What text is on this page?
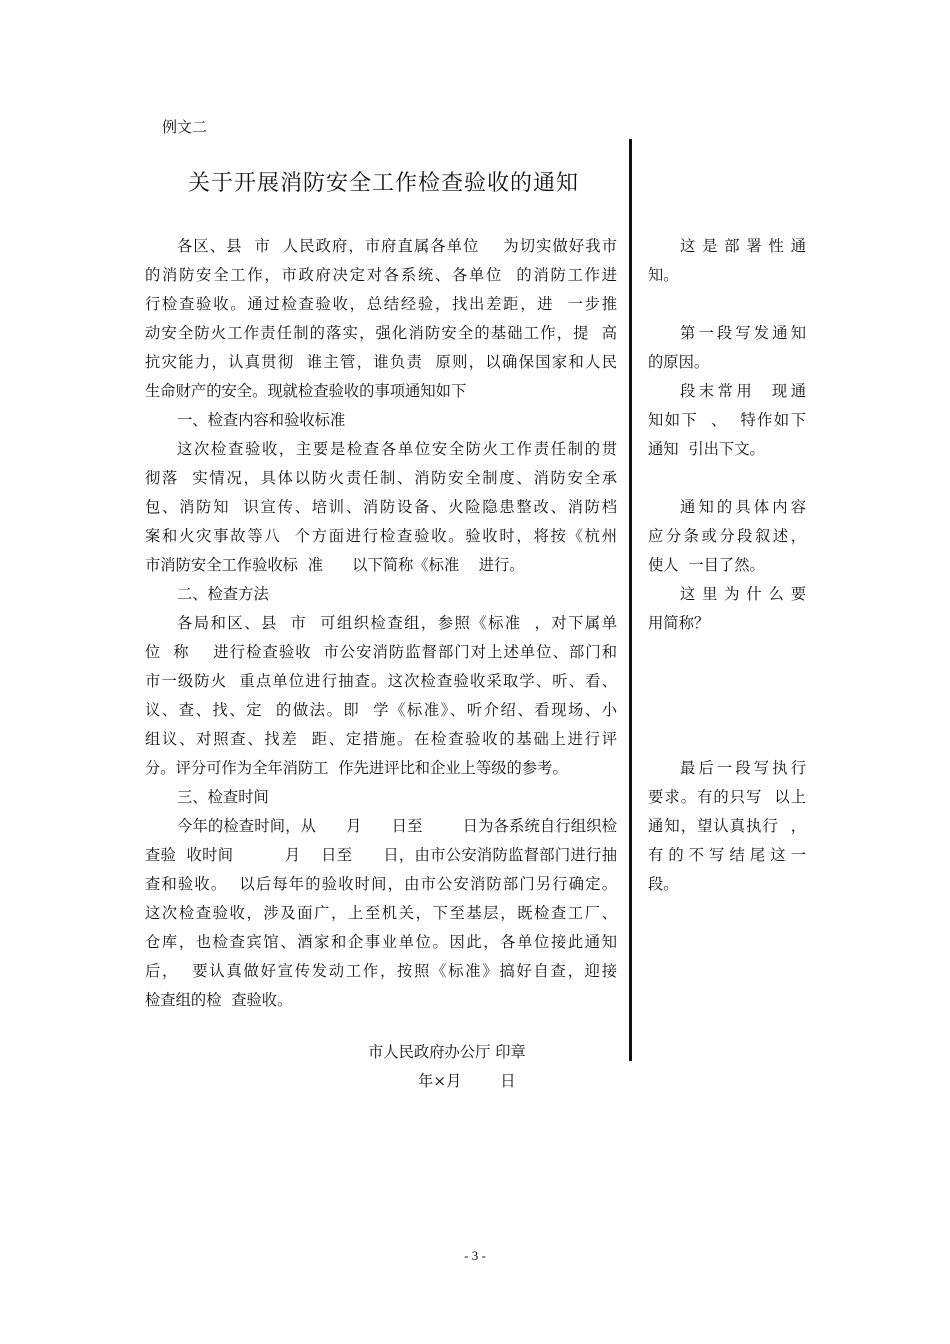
例文二
关于开展消防安全工作检查验收的通知
各区、县  市  人民政府，市府直属各单位    为切实做好我市
的消防安全工作，市政府决定对各系统、各单位  的消防工作进
行检查验收。通过检查验收，总结经验，找出差距，进  一步推
动安全防火工作责任制的落实，强化消防安全的基础工作，提  高
抗灾能力，认真贯彻  谁主管，谁负责  原则，以确保国家和人民
生命财产的安全。现就检查验收的事项通知如下
一、检查内容和验收标准
这次检查验收，主要是检查各单位安全防火工作责任制的贯
彻落  实情况，具体以防火责任制、消防安全制度、消防安全承
包、消防知  识宣传、培训、消防设备、火险隐患整改、消防档
案和火灾事故等八  个方面进行检查验收。验收时，将按《杭州
市消防安全工作验收标  准      以下简称《标准    进行。
二、检查方法
各局和区、县  市  可组织检查组，参照《标准  ，对下属单
位  称    进行检查验收  市公安消防监督部门对上述单位、部门和
市一级防火  重点单位进行抽查。这次检查验收采取学、听、看、
议、查、找、定  的做法。即  学《标准》、听介绍、看现场、小
组议、对照查、找差  距、定措施。在检查验收的基础上进行评
分。评分可作为全年消防工  作先进评比和企业上等级的参考。
三、检查时间
今年的检查时间，从      月      日至        日为各系统自行组织检
查验  收时间          月    日至      日，由市公安消防监督部门进行抽
查和验收。  以后每年的验收时间，由市公安消防部门另行确定。
这次检查验收，涉及面广，上至机关，下至基层，既检查工厂、
仓库，也检查宾馆、酒家和企事业单位。因此，各单位接此通知
后，  要认真做好宣传发动工作，按照《标准》搞好自查，迎接
检查组的检  查验收。
这 是 部 署 性 通
知。
第一段写发通知
的原因。
段末常用  现通
知如下  、  特作如下
通知  引出下文。
通知的具体内容
应分条或分段叙述，
使人  一目了然。
这 里 为 什 么 要
用简称？
最后一段写执行
要求。有的只写  以上
通知，望认真执行  ，
有 的 不 写 结 尾 这 一
段。
市人民政府办公厅 印章
年×月        日
- 3 -
